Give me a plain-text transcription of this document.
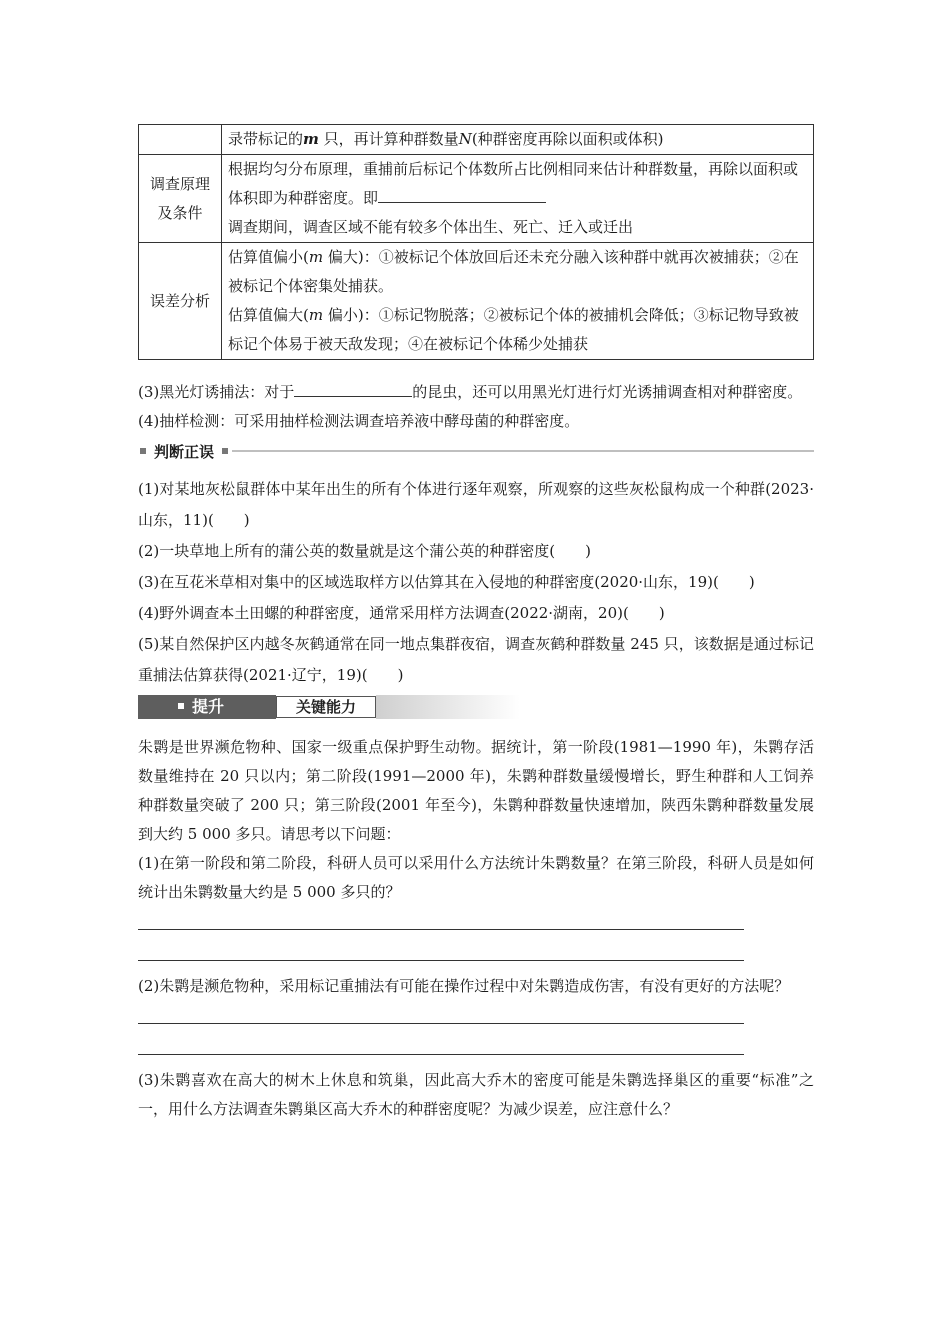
	录带标记的m 只，再计算种群数量N(种群密度再除以面积或体积)
调查原理及条件	根据均匀分布原理，重捕前后标记个体数所占比例相同来估计种群数量，再除以面积或体积即为种群密度。即
调查期间，调查区域不能有较多个体出生、死亡、迁入或迁出

误差分析	估算值偏小(m 偏大)：①被标记个体放回后还未充分融入该种群中就再次被捕获；②在被标记个体密集处捕获。
估算值偏大(m 偏小)：①标记物脱落；②被标记个体的被捕机会降低；③标记物导致被标记个体易于被天敌发现；④在被标记个体稀少处捕获
(3)黑光灯诱捕法：对于	的昆虫，还可以用黑光灯进行灯光诱捕调查相对种群密度。
(4)抽样检测：可采用抽样检测法调查培养液中酵母菌的种群密度。
判断正误
(1)对某地灰松鼠群体中某年出生的所有个体进行逐年观察，所观察的这些灰松鼠构成一个种群(2023·山东，11)(　　)
(2)一块草地上所有的蒲公英的数量就是这个蒲公英的种群密度(　　)
(3)在互花米草相对集中的区域选取样方以估算其在入侵地的种群密度(2020·山东，19)(　　)
(4)野外调查本土田螺的种群密度，通常采用样方法调查(2022·湖南，20)(　　)
(5)某自然保护区内越冬灰鹤通常在同一地点集群夜宿，调查灰鹤种群数量 245 只，该数据是通过标记重捕法估算获得(2021·辽宁，19)(　　)
提升	关键能力
朱鹮是世界濒危物种、国家一级重点保护野生动物。据统计，第一阶段(1981—1990 年)，朱鹮存活数量维持在 20 只以内；第二阶段(1991—2000 年)，朱鹮种群数量缓慢增长，野生种群和人工饲养种群数量突破了 200 只；第三阶段(2001 年至今)，朱鹮种群数量快速增加，陕西朱鹮种群数量发展到大约 5 000 多只。请思考以下问题：
(1)在第一阶段和第二阶段，科研人员可以采用什么方法统计朱鹮数量？在第三阶段，科研人员是如何统计出朱鹮数量大约是 5 000 多只的？
(2)朱鹮是濒危物种，采用标记重捕法有可能在操作过程中对朱鹮造成伤害，有没有更好的方法呢？
(3)朱鹮喜欢在高大的树木上休息和筑巢，因此高大乔木的密度可能是朱鹮选择巢区的重要“标准”之一，用什么方法调查朱鹮巢区高大乔木的种群密度呢？为减少误差，应注意什么？
